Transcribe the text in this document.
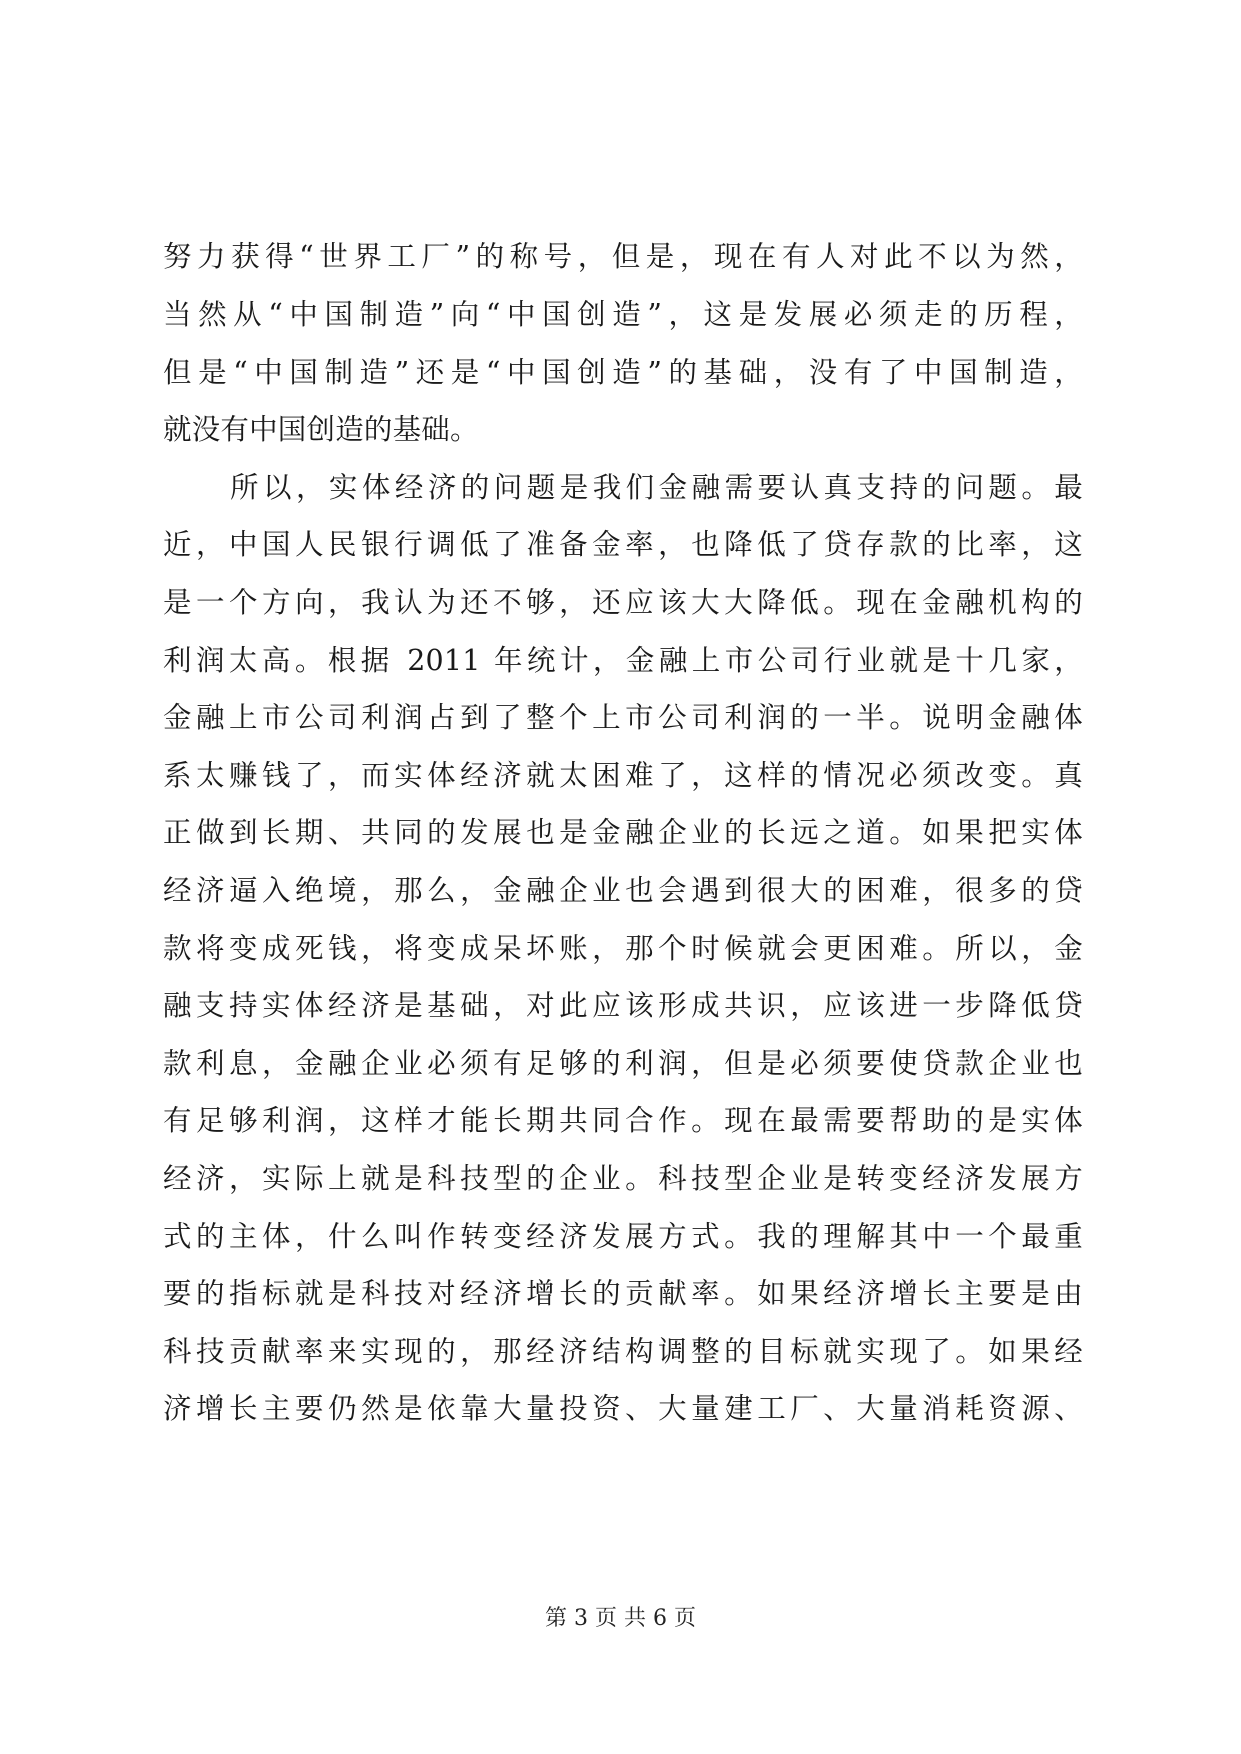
努力获得“世界工厂”的称号，但是，现在有人对此不以为然，
当然从“中国制造”向“中国创造”，这是发展必须走的历程，
但是“中国制造”还是“中国创造”的基础，没有了中国制造，
就没有中国创造的基础。
所以，实体经济的问题是我们金融需要认真支持的问题。最
近，中国人民银行调低了准备金率，也降低了贷存款的比率，这
是一个方向，我认为还不够，还应该大大降低。现在金融机构的
利润太高。根据 2011 年统计，金融上市公司行业就是十几家，
金融上市公司利润占到了整个上市公司利润的一半。说明金融体
系太赚钱了，而实体经济就太困难了，这样的情况必须改变。真
正做到长期、共同的发展也是金融企业的长远之道。如果把实体
经济逼入绝境，那么，金融企业也会遇到很大的困难，很多的贷
款将变成死钱，将变成呆坏账，那个时候就会更困难。所以，金
融支持实体经济是基础，对此应该形成共识，应该进一步降低贷
款利息，金融企业必须有足够的利润，但是必须要使贷款企业也
有足够利润，这样才能长期共同合作。现在最需要帮助的是实体
经济，实际上就是科技型的企业。科技型企业是转变经济发展方
式的主体，什么叫作转变经济发展方式。我的理解其中一个最重
要的指标就是科技对经济增长的贡献率。如果经济增长主要是由
科技贡献率来实现的，那经济结构调整的目标就实现了。如果经
济增长主要仍然是依靠大量投资、大量建工厂、大量消耗资源、
第 3 页 共 6 页
